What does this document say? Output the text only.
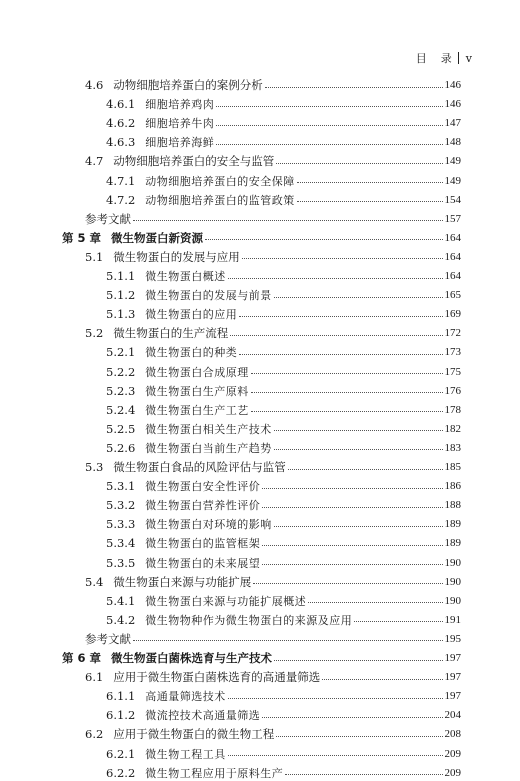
目    录 v
4.6 动物细胞培养蛋白的案例分析	146
4.6.1 细胞培养鸡肉	146
4.6.2 细胞培养牛肉	147
4.6.3 细胞培养海鲜	148
4.7 动物细胞培养蛋白的安全与监管	149
4.7.1 动物细胞培养蛋白的安全保障	149
4.7.2 动物细胞培养蛋白的监管政策	154
参考文献	157
第 5 章 微生物蛋白新资源	164
5.1 微生物蛋白的发展与应用	164
5.1.1 微生物蛋白概述	164
5.1.2 微生物蛋白的发展与前景	165
5.1.3 微生物蛋白的应用	169
5.2 微生物蛋白的生产流程	172
5.2.1 微生物蛋白的种类	173
5.2.2 微生物蛋白合成原理	175
5.2.3 微生物蛋白生产原料	176
5.2.4 微生物蛋白生产工艺	178
5.2.5 微生物蛋白相关生产技术	182
5.2.6 微生物蛋白当前生产趋势	183
5.3 微生物蛋白食品的风险评估与监管	185
5.3.1 微生物蛋白安全性评价	186
5.3.2 微生物蛋白营养性评价	188
5.3.3 微生物蛋白对环境的影响	189
5.3.4 微生物蛋白的监管框架	189
5.3.5 微生物蛋白的未来展望	190
5.4 微生物蛋白来源与功能扩展	190
5.4.1 微生物蛋白来源与功能扩展概述	190
5.4.2 微生物物种作为微生物蛋白的来源及应用	191
参考文献	195
第 6 章 微生物蛋白菌株选育与生产技术	197
6.1 应用于微生物蛋白菌株选育的高通量筛选	197
6.1.1 高通量筛选技术	197
6.1.2 微流控技术高通量筛选	204
6.2 应用于微生物蛋白的微生物工程	208
6.2.1 微生物工程工具	209
6.2.2 微生物工程应用于原料生产	209
